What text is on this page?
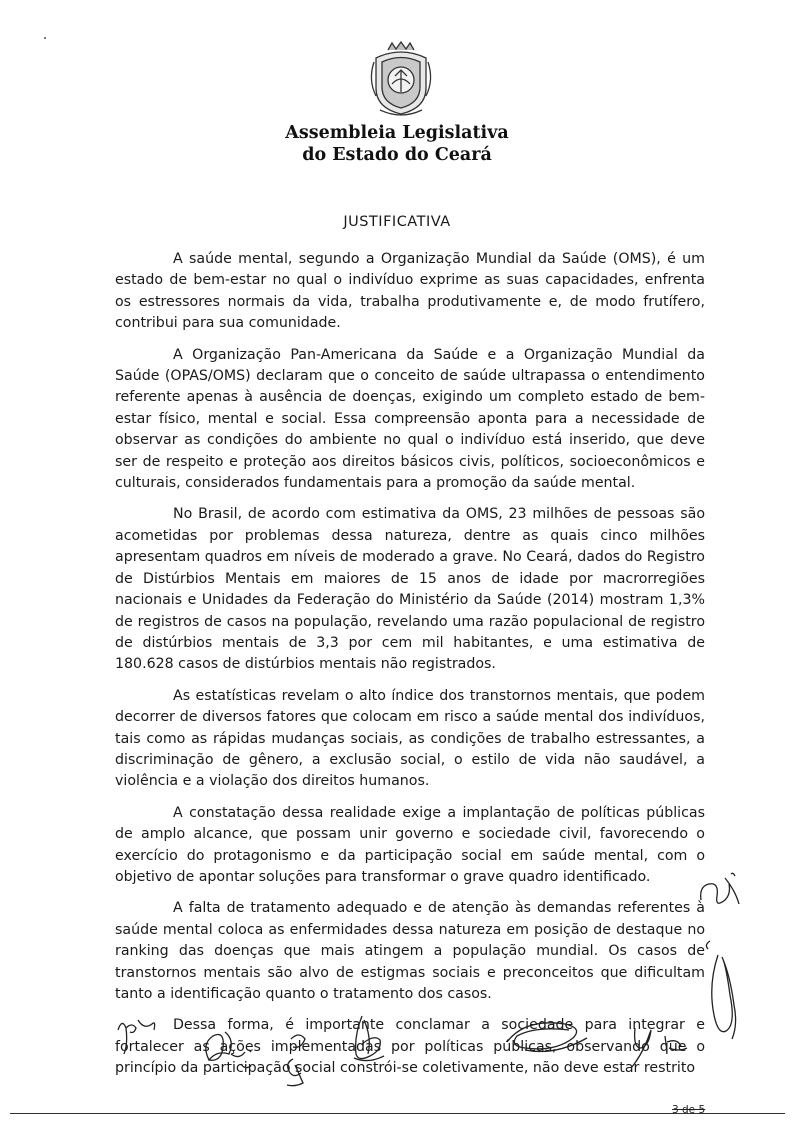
Assembleia Legislativa
do Estado do Ceará
JUSTIFICATIVA

A saúde mental, segundo a Organização Mundial da Saúde (OMS), é um estado de bem-estar no qual o indivíduo exprime as suas capacidades, enfrenta os estressores normais da vida, trabalha produtivamente e, de modo frutífero, contribui para sua comunidade.

A Organização Pan-Americana da Saúde e a Organização Mundial da Saúde (OPAS/OMS) declaram que o conceito de saúde ultrapassa o entendimento referente apenas à ausência de doenças, exigindo um completo estado de bem-estar físico, mental e social. Essa compreensão aponta para a necessidade de observar as condições do ambiente no qual o indivíduo está inserido, que deve ser de respeito e proteção aos direitos básicos civis, políticos, socioeconômicos e culturais, considerados fundamentais para a promoção da saúde mental.

No Brasil, de acordo com estimativa da OMS, 23 milhões de pessoas são acometidas por problemas dessa natureza, dentre as quais cinco milhões apresentam quadros em níveis de moderado a grave. No Ceará, dados do Registro de Distúrbios Mentais em maiores de 15 anos de idade por macrorregiões nacionais e Unidades da Federação do Ministério da Saúde (2014) mostram 1,3% de registros de casos na população, revelando uma razão populacional de registro de distúrbios mentais de 3,3 por cem mil habitantes, e uma estimativa de 180.628 casos de distúrbios mentais não registrados.

As estatísticas revelam o alto índice dos transtornos mentais, que podem decorrer de diversos fatores que colocam em risco a saúde mental dos indivíduos, tais como as rápidas mudanças sociais, as condições de trabalho estressantes, a discriminação de gênero, a exclusão social, o estilo de vida não saudável, a violência e a violação dos direitos humanos.

A constatação dessa realidade exige a implantação de políticas públicas de amplo alcance, que possam unir governo e sociedade civil, favorecendo o exercício do protagonismo e da participação social em saúde mental, com o objetivo de apontar soluções para transformar o grave quadro identificado.

A falta de tratamento adequado e de atenção às demandas referentes à saúde mental coloca as enfermidades dessa natureza em posição de destaque no ranking das doenças que mais atingem a população mundial. Os casos de transtornos mentais são alvo de estigmas sociais e preconceitos que dificultam tanto a identificação quanto o tratamento dos casos.

Dessa forma, é importante conclamar a sociedade para integrar e fortalecer as ações implementadas por políticas públicas, observando que o princípio da participação social constrói-se coletivamente, não deve estar restrito

3 de 5
